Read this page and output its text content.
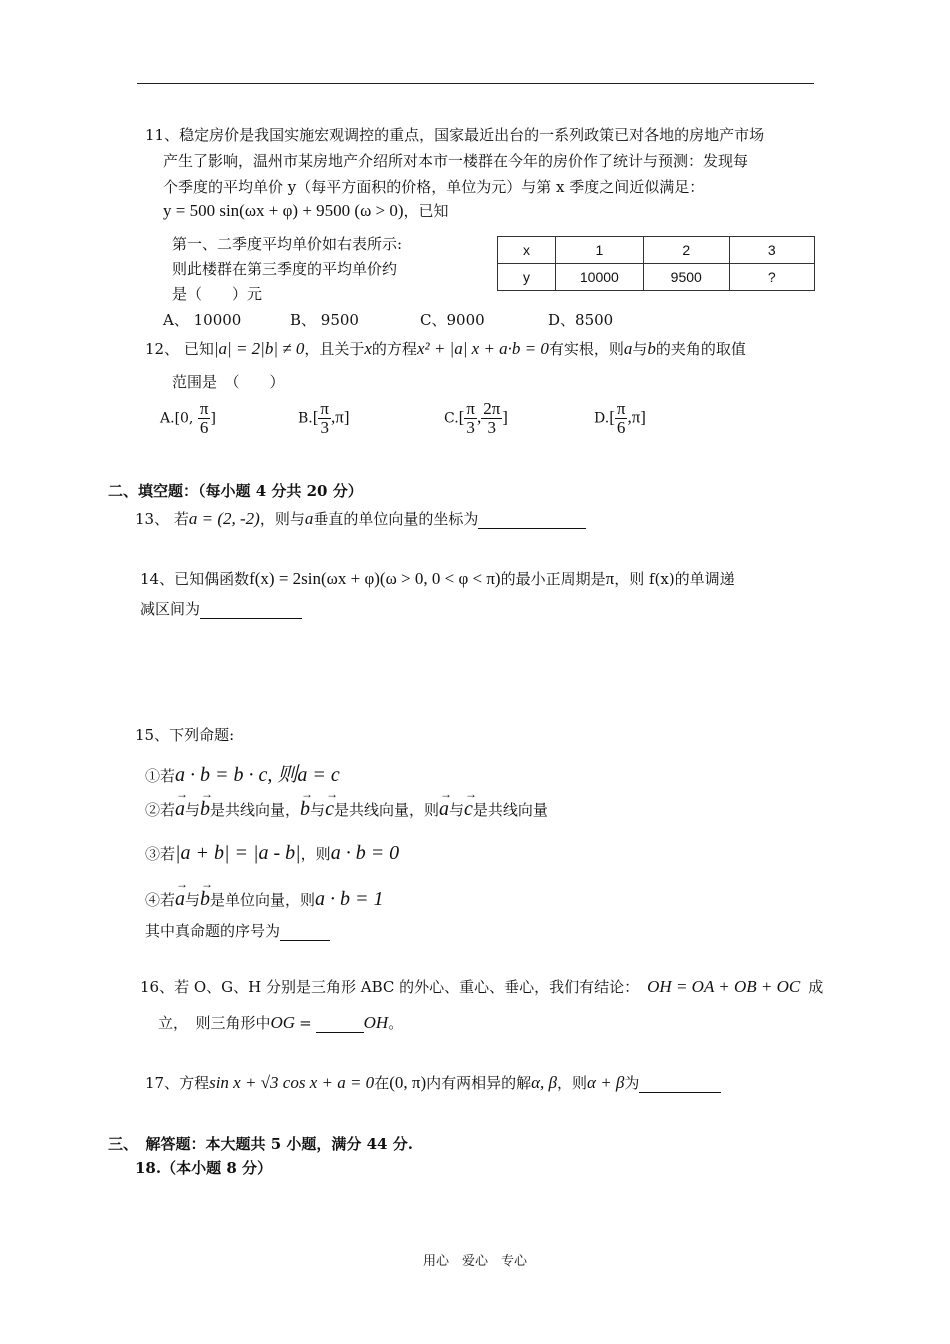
11、稳定房价是我国实施宏观调控的重点，国家最近出台的一系列政策已对各地的房地产市场
产生了影响，温州市某房地产介绍所对本市一楼群在今年的房价作了统计与预测：发现每
个季度的平均单价 y（每平方面积的价格，单位为元）与第 x 季度之间近似满足：
y = 500 sin(ωx + φ) + 9500 (ω > 0)，已知
第一、二季度平均单价如右表所示:
则此楼群在第三季度的平均单价约
是（　　）元
x	1	2	3
y	10000	9500	?
A、 10000	B、 9500	C、9000	D、8500
12、 已知|a| = 2|b| ≠ 0，且关于x的方程x² + |a| x + a·b = 0有实根，则a与b的夹角的取值
范围是　（　　）
A.[0, $\frac{\pi}{6}$ ]	$B.[ \frac{\pi}{3} ,\pi]$	$C.[ \frac{\pi}{3}$ , $\frac{2\pi}{3}$ ]	$D.[ \frac{\pi}{6} ,\pi]$
二、填空题：（每小题 4 分共 20 分）
13、 若a = (2, -2)，则与a垂直的单位向量的坐标为
14、已知偶函数f(x) = 2sin(ωx + φ)(ω > 0, 0 < φ < π)的最小正周期是π，则 f(x)的单调递
减区间为
15、下列命题:
①若a · b = b · c, 则a = c
②若→ a与→ b是共线向量，→ b与→ c是共线向量，则→ a与→ c是共线向量
③若|a + b| = |a - b|，则a · b = 0
④若→ a与→ b是单位向量，则a · b = 1
其中真命题的序号为
16、若 O、G、H 分别是三角形 ABC 的外心、重心、垂心，我们有结论： OH = OA + OB + OC 成
立，　则三角形中OG =	OH。
17、方程sin x + √3 cos x + a = 0在(0, π)内有两相异的解α, β，则α + β为
三、　解答题：本大题共 5 小题，满分 44 分.
18.（本小题 8 分）
用心　爱心　专心
